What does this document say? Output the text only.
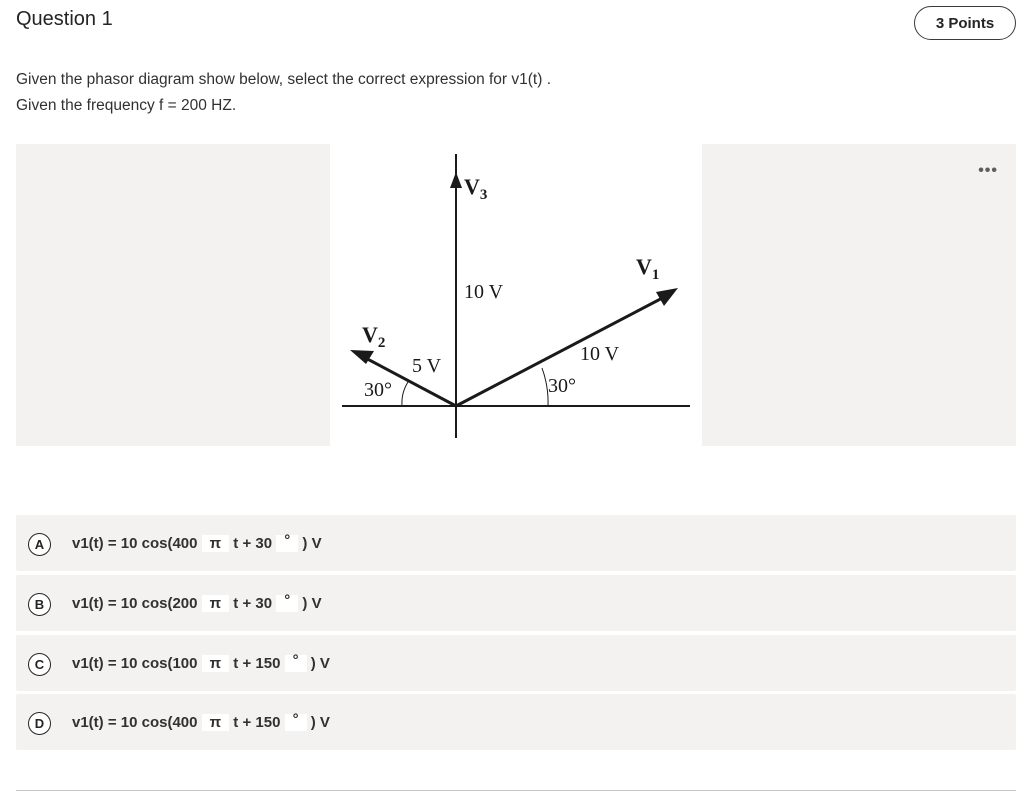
Question 1	3 Points
Given the phasor diagram show below, select the correct expression for v1(t) .
Given the frequency f = 200 HZ.
•••
$V_3$
$V_1$
$V_2$
10 V
10 V
5 V
30°	30°
A	v1(t) = 10 cos(400 π t + 30 ° ) V
B	v1(t) = 10 cos(200 π t + 30 ° ) V
C	v1(t) = 10 cos(100 π t + 150 ° ) V
D	v1(t) = 10 cos(400 π t + 150 ° ) V
